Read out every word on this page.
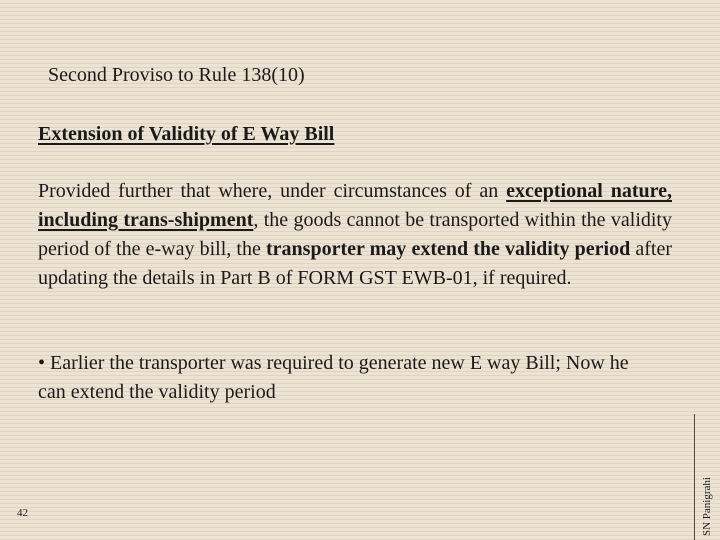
Second Proviso to Rule 138(10)
Extension of Validity of E Way Bill

Provided further that where, under circumstances of an exceptional nature, including trans-shipment, the goods cannot be transported within the validity period of the e-way bill, the transporter may extend the validity period after updating the details in Part B of FORM GST EWB-01, if required.

• Earlier the transporter was required to generate new E way Bill; Now he can extend the validity period

SN Panigrahi
42
